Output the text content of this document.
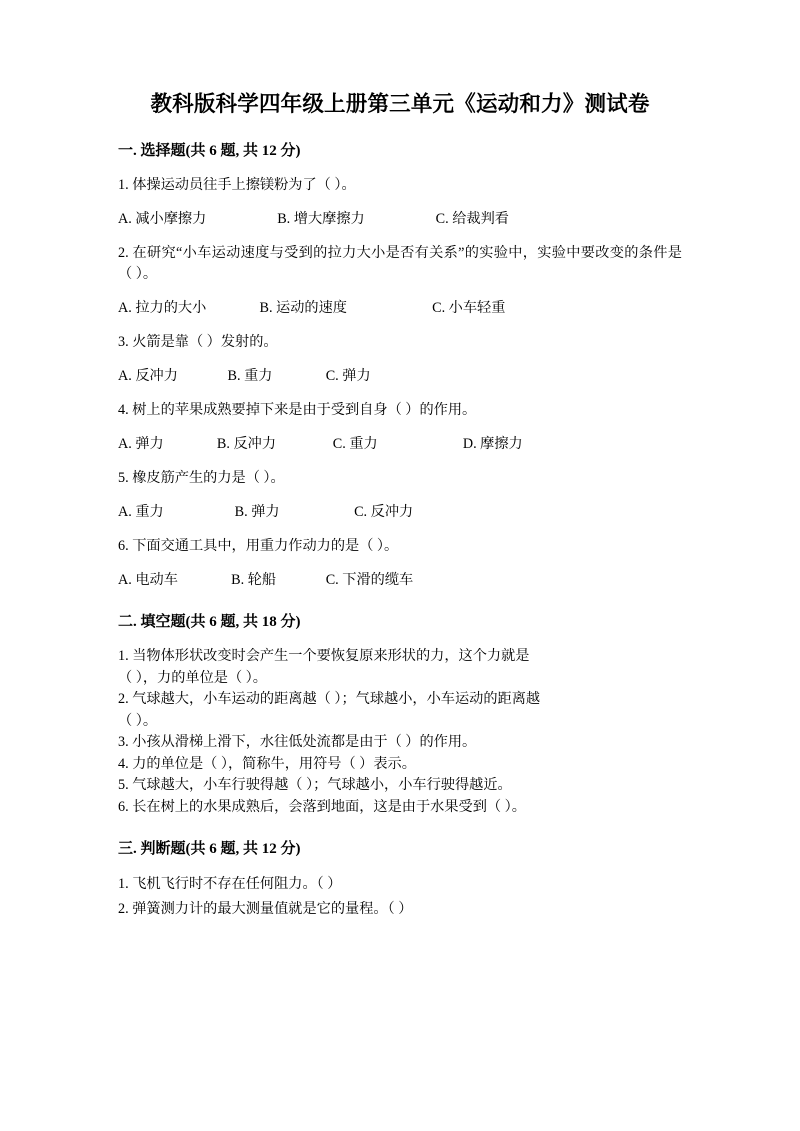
教科版科学四年级上册第三单元《运动和力》测试卷
一. 选择题(共 6 题, 共 12 分)

1. 体操运动员往手上擦镁粉为了（ ）。

A. 减小摩擦力                    B. 增大摩擦力                    C. 给裁判看

2. 在研究“小车运动速度与受到的拉力大小是否有关系”的实验中，实验中要改变的条件是（ ）。

A. 拉力的大小               B. 运动的速度                        C. 小车轻重

3. 火箭是靠（ ）发射的。

A. 反冲力              B. 重力               C. 弹力

4. 树上的苹果成熟要掉下来是由于受到自身（ ）的作用。

A. 弹力               B. 反冲力                C. 重力                        D. 摩擦力

5. 橡皮筋产生的力是（ ）。

A. 重力                    B. 弹力                     C. 反冲力

6. 下面交通工具中，用重力作动力的是（ ）。

A. 电动车               B. 轮船              C. 下滑的缆车

二. 填空题(共 6 题, 共 18 分)

1. 当物体形状改变时会产生一个要恢复原来形状的力，这个力就是

（ ），力的单位是（ ）。

2. 气球越大，小车运动的距离越（ ）；气球越小，小车运动的距离越

（ ）。

3. 小孩从滑梯上滑下，水往低处流都是由于（ ）的作用。

4. 力的单位是（ ），简称牛，用符号（ ）表示。

5. 气球越大，小车行驶得越（ ）；气球越小，小车行驶得越近。

6. 长在树上的水果成熟后，会落到地面，这是由于水果受到（ ）。

三. 判断题(共 6 题, 共 12 分)

1. 飞机飞行时不存在任何阻力。（ ）

2. 弹簧测力计的最大测量值就是它的量程。（ ）
